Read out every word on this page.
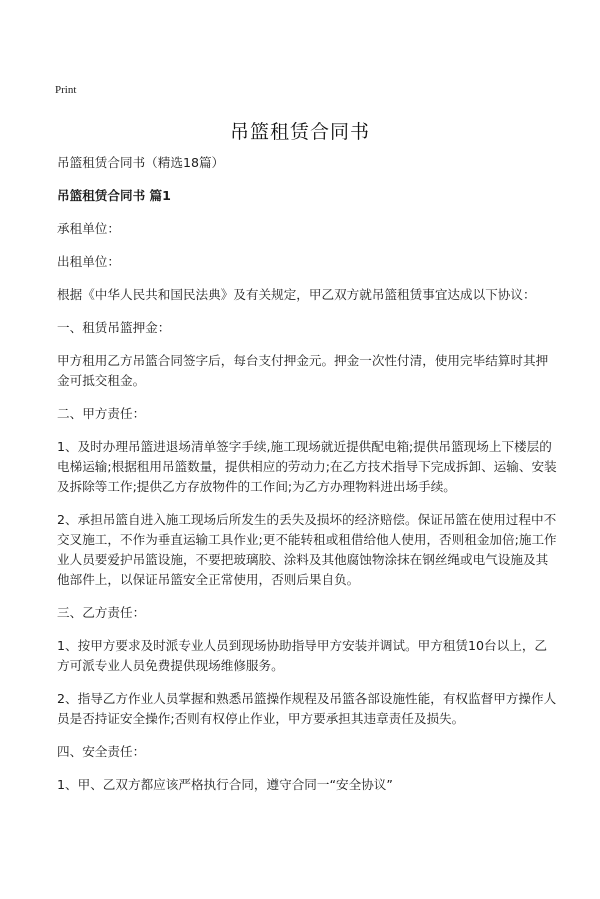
Print

吊篮租赁合同书

吊篮租赁合同书（精选18篇）

吊篮租赁合同书 篇1

承租单位：

出租单位：

根据《中华人民共和国民法典》及有关规定，甲乙双方就吊篮租赁事宜达成以下协议：

一、租赁吊篮押金：

甲方租用乙方吊篮合同签字后，每台支付押金元。押金一次性付清，使用完毕结算时其押金可抵交租金。

二、甲方责任：

1、及时办理吊篮进退场清单签字手续,施工现场就近提供配电箱;提供吊篮现场上下楼层的电梯运输;根据租用吊篮数量，提供相应的劳动力;在乙方技术指导下完成拆卸、运输、安装及拆除等工作;提供乙方存放物件的工作间;为乙方办理物料进出场手续。

2、承担吊篮自进入施工现场后所发生的丢失及损坏的经济赔偿。保证吊篮在使用过程中不交叉施工，不作为垂直运输工具作业;更不能转租或租借给他人使用，否则租金加倍;施工作业人员要爱护吊篮设施，不要把玻璃胶、涂料及其他腐蚀物涂抹在钢丝绳或电气设施及其他部件上，以保证吊篮安全正常使用，否则后果自负。

三、乙方责任：

1、按甲方要求及时派专业人员到现场协助指导甲方安装并调试。甲方租赁10台以上，乙方可派专业人员免费提供现场维修服务。

2、指导乙方作业人员掌握和熟悉吊篮操作规程及吊篮各部设施性能，有权监督甲方操作人员是否持证安全操作;否则有权停止作业，甲方要承担其违章责任及损失。

四、安全责任：

1、甲、乙双方都应该严格执行合同，遵守合同一“安全协议”
